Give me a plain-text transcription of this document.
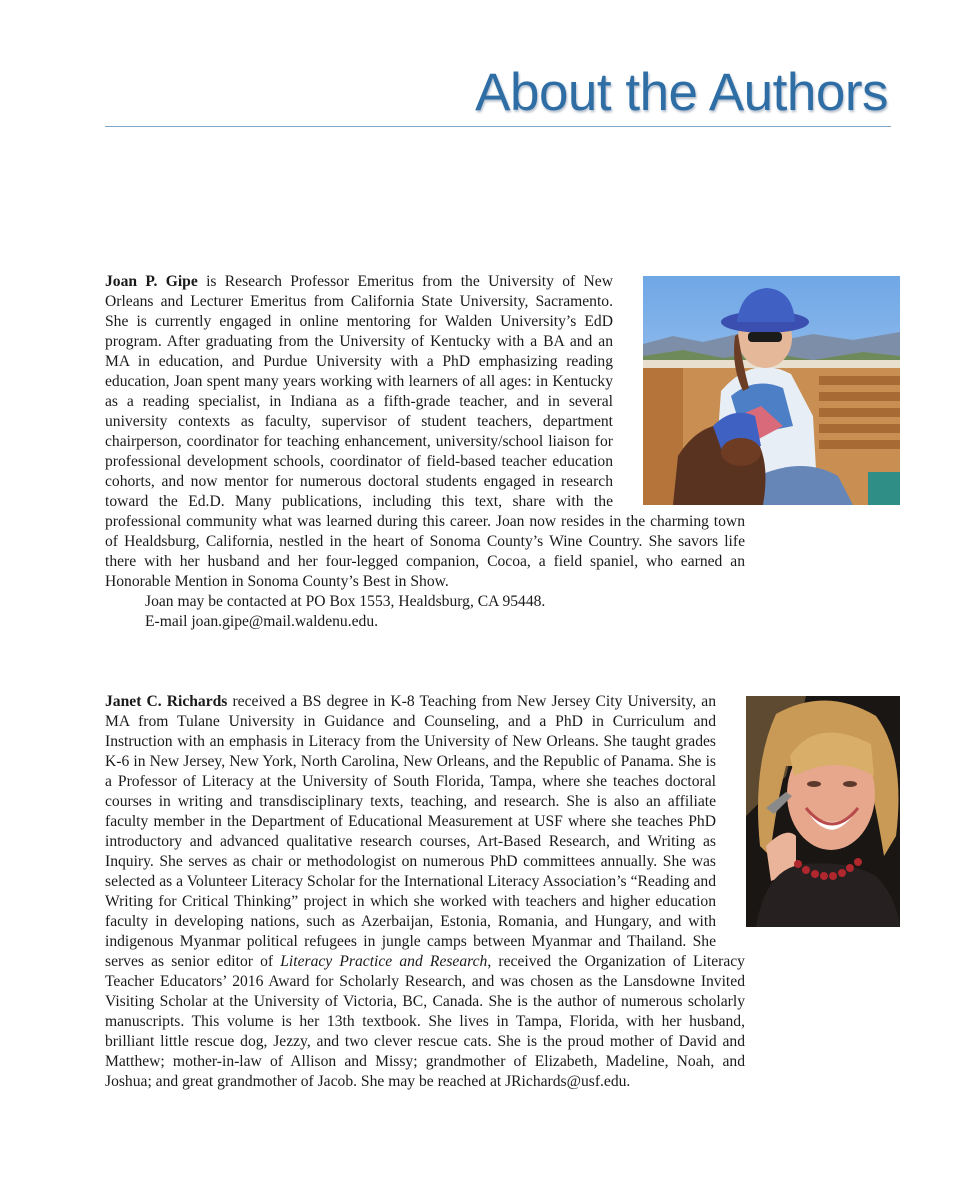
About the Authors

Joan P. Gipe is Research Professor Emeritus from the University of New Orleans and Lecturer Emeritus from California State University, Sacramento. She is currently engaged in online mentoring for Walden University’s EdD program. After graduating from the University of Kentucky with a BA and an MA in education, and Purdue University with a PhD emphasizing reading education, Joan spent many years working with learners of all ages: in Kentucky as a reading specialist, in Indiana as a fifth-grade teacher, and in several university contexts as faculty, supervisor of student teachers, department chairperson, coordinator for teaching enhancement, university/school liaison for professional development schools, coordinator of field-based teacher education cohorts, and now mentor for numerous doctoral students engaged in research toward the Ed.D. Many publications, including this text, share with the professional community what was learned during this career. Joan now resides in the charming town of Healdsburg, California, nestled in the heart of Sonoma County’s Wine Country. She savors life there with her husband and her four-legged companion, Cocoa, a field spaniel, who earned an Honorable Mention in Sonoma County’s Best in Show.

Joan may be contacted at PO Box 1553, Healdsburg, CA 95448.

E-mail joan.gipe@mail.waldenu.edu.

Janet C. Richards received a BS degree in K-8 Teaching from New Jersey City University, an MA from Tulane University in Guidance and Counseling, and a PhD in Curriculum and Instruction with an emphasis in Literacy from the University of New Orleans. She taught grades K-6 in New Jersey, New York, North Carolina, New Orleans, and the Republic of Panama. She is a Professor of Literacy at the University of South Florida, Tampa, where she teaches doctoral courses in writing and transdisciplinary texts, teaching, and research. She is also an affiliate faculty member in the Department of Educational Measurement at USF where she teaches PhD introductory and advanced qualitative research courses, Art-Based Research, and Writing as Inquiry. She serves as chair or methodologist on numerous PhD committees annually. She was selected as a Volunteer Literacy Scholar for the International Literacy Association’s “Reading and Writing for Critical Thinking” project in which she worked with teachers and higher education faculty in developing nations, such as Azerbaijan, Estonia, Romania, and Hungary, and with indigenous Myanmar political refugees in jungle camps between Myanmar and Thailand. She serves as senior editor of Literacy Practice and Research, received the Organization of Literacy Teacher Educators’ 2016 Award for Scholarly Research, and was chosen as the Lansdowne Invited Visiting Scholar at the University of Victoria, BC, Canada. She is the author of numerous scholarly manuscripts. This volume is her 13th textbook. She lives in Tampa, Florida, with her husband, brilliant little rescue dog, Jezzy, and two clever rescue cats. She is the proud mother of David and Matthew; mother-in-law of Allison and Missy; grandmother of Elizabeth, Madeline, Noah, and Joshua; and great grandmother of Jacob. She may be reached at JRichards@usf.edu.
